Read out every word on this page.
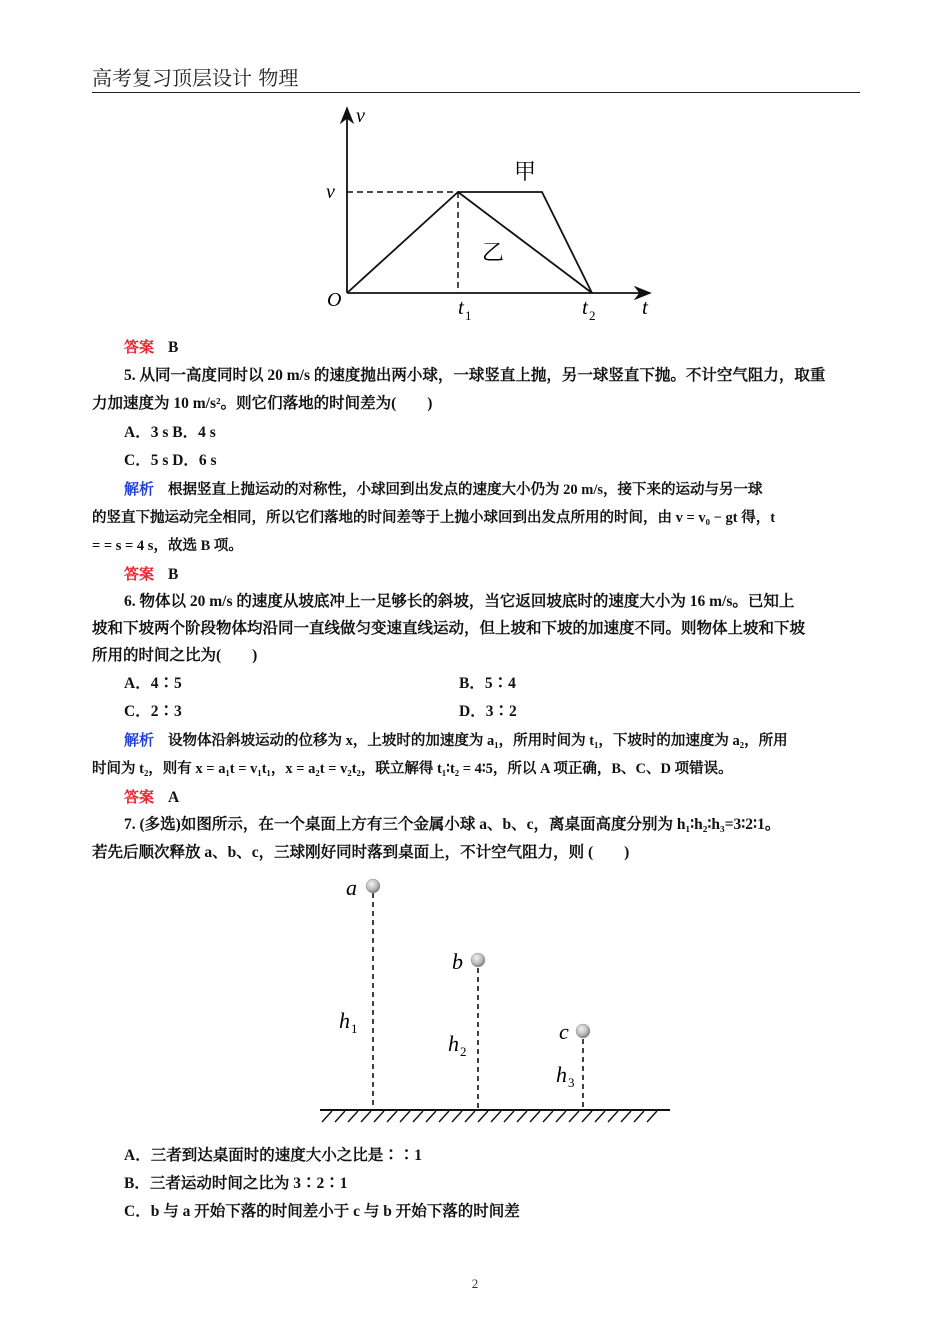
高考复习顶层设计 物理
v
v
O	t
t 1	t 2
甲
乙
答案 B
5. 从同一高度同时以 20 m/s 的速度抛出两小球，一球竖直上抛，另一球竖直下抛。不计空气阻力，取重
力加速度为 10 m/s²。则它们落地的时间差为(　　)
A．3 s B．4 s
C．5 s D．6 s
解析 根据竖直上抛运动的对称性，小球回到出发点的速度大小仍为 20 m/s，接下来的运动与另一球
的竖直下抛运动完全相同，所以它们落地的时间差等于上抛小球回到出发点所用的时间，由 v = v₀ − gt 得，t
= = s = 4 s，故选 B 项。
答案 B
6. 物体以 20 m/s 的速度从坡底冲上一足够长的斜坡，当它返回坡底时的速度大小为 16 m/s。已知上
坡和下坡两个阶段物体均沿同一直线做匀变速直线运动，但上坡和下坡的加速度不同。则物体上坡和下坡
所用的时间之比为(　　)
A．4∶5	B．5∶4
C．2∶3	D．3∶2
解析 设物体沿斜坡运动的位移为 x，上坡时的加速度为 a₁，所用时间为 t₁，下坡时的加速度为 a₂，所用
时间为 t₂，则有 x = a₁t = v₁t₁，x = a₂t = v₂t₂，联立解得 t₁∶t₂ = 4∶5，所以 A 项正确，B、C、D 项错误。
答案 A
7. (多选)如图所示，在一个桌面上方有三个金属小球 a、b、c，离桌面高度分别为 h₁∶h₂∶h₃=3∶2∶1。
若先后顺次释放 a、b、c，三球刚好同时落到桌面上，不计空气阻力，则 (　　)
a
b
c
h 1
h 2
h 3
A．三者到达桌面时的速度大小之比是∶∶1
B．三者运动时间之比为 3∶2∶1
C．b 与 a 开始下落的时间差小于 c 与 b 开始下落的时间差
2
